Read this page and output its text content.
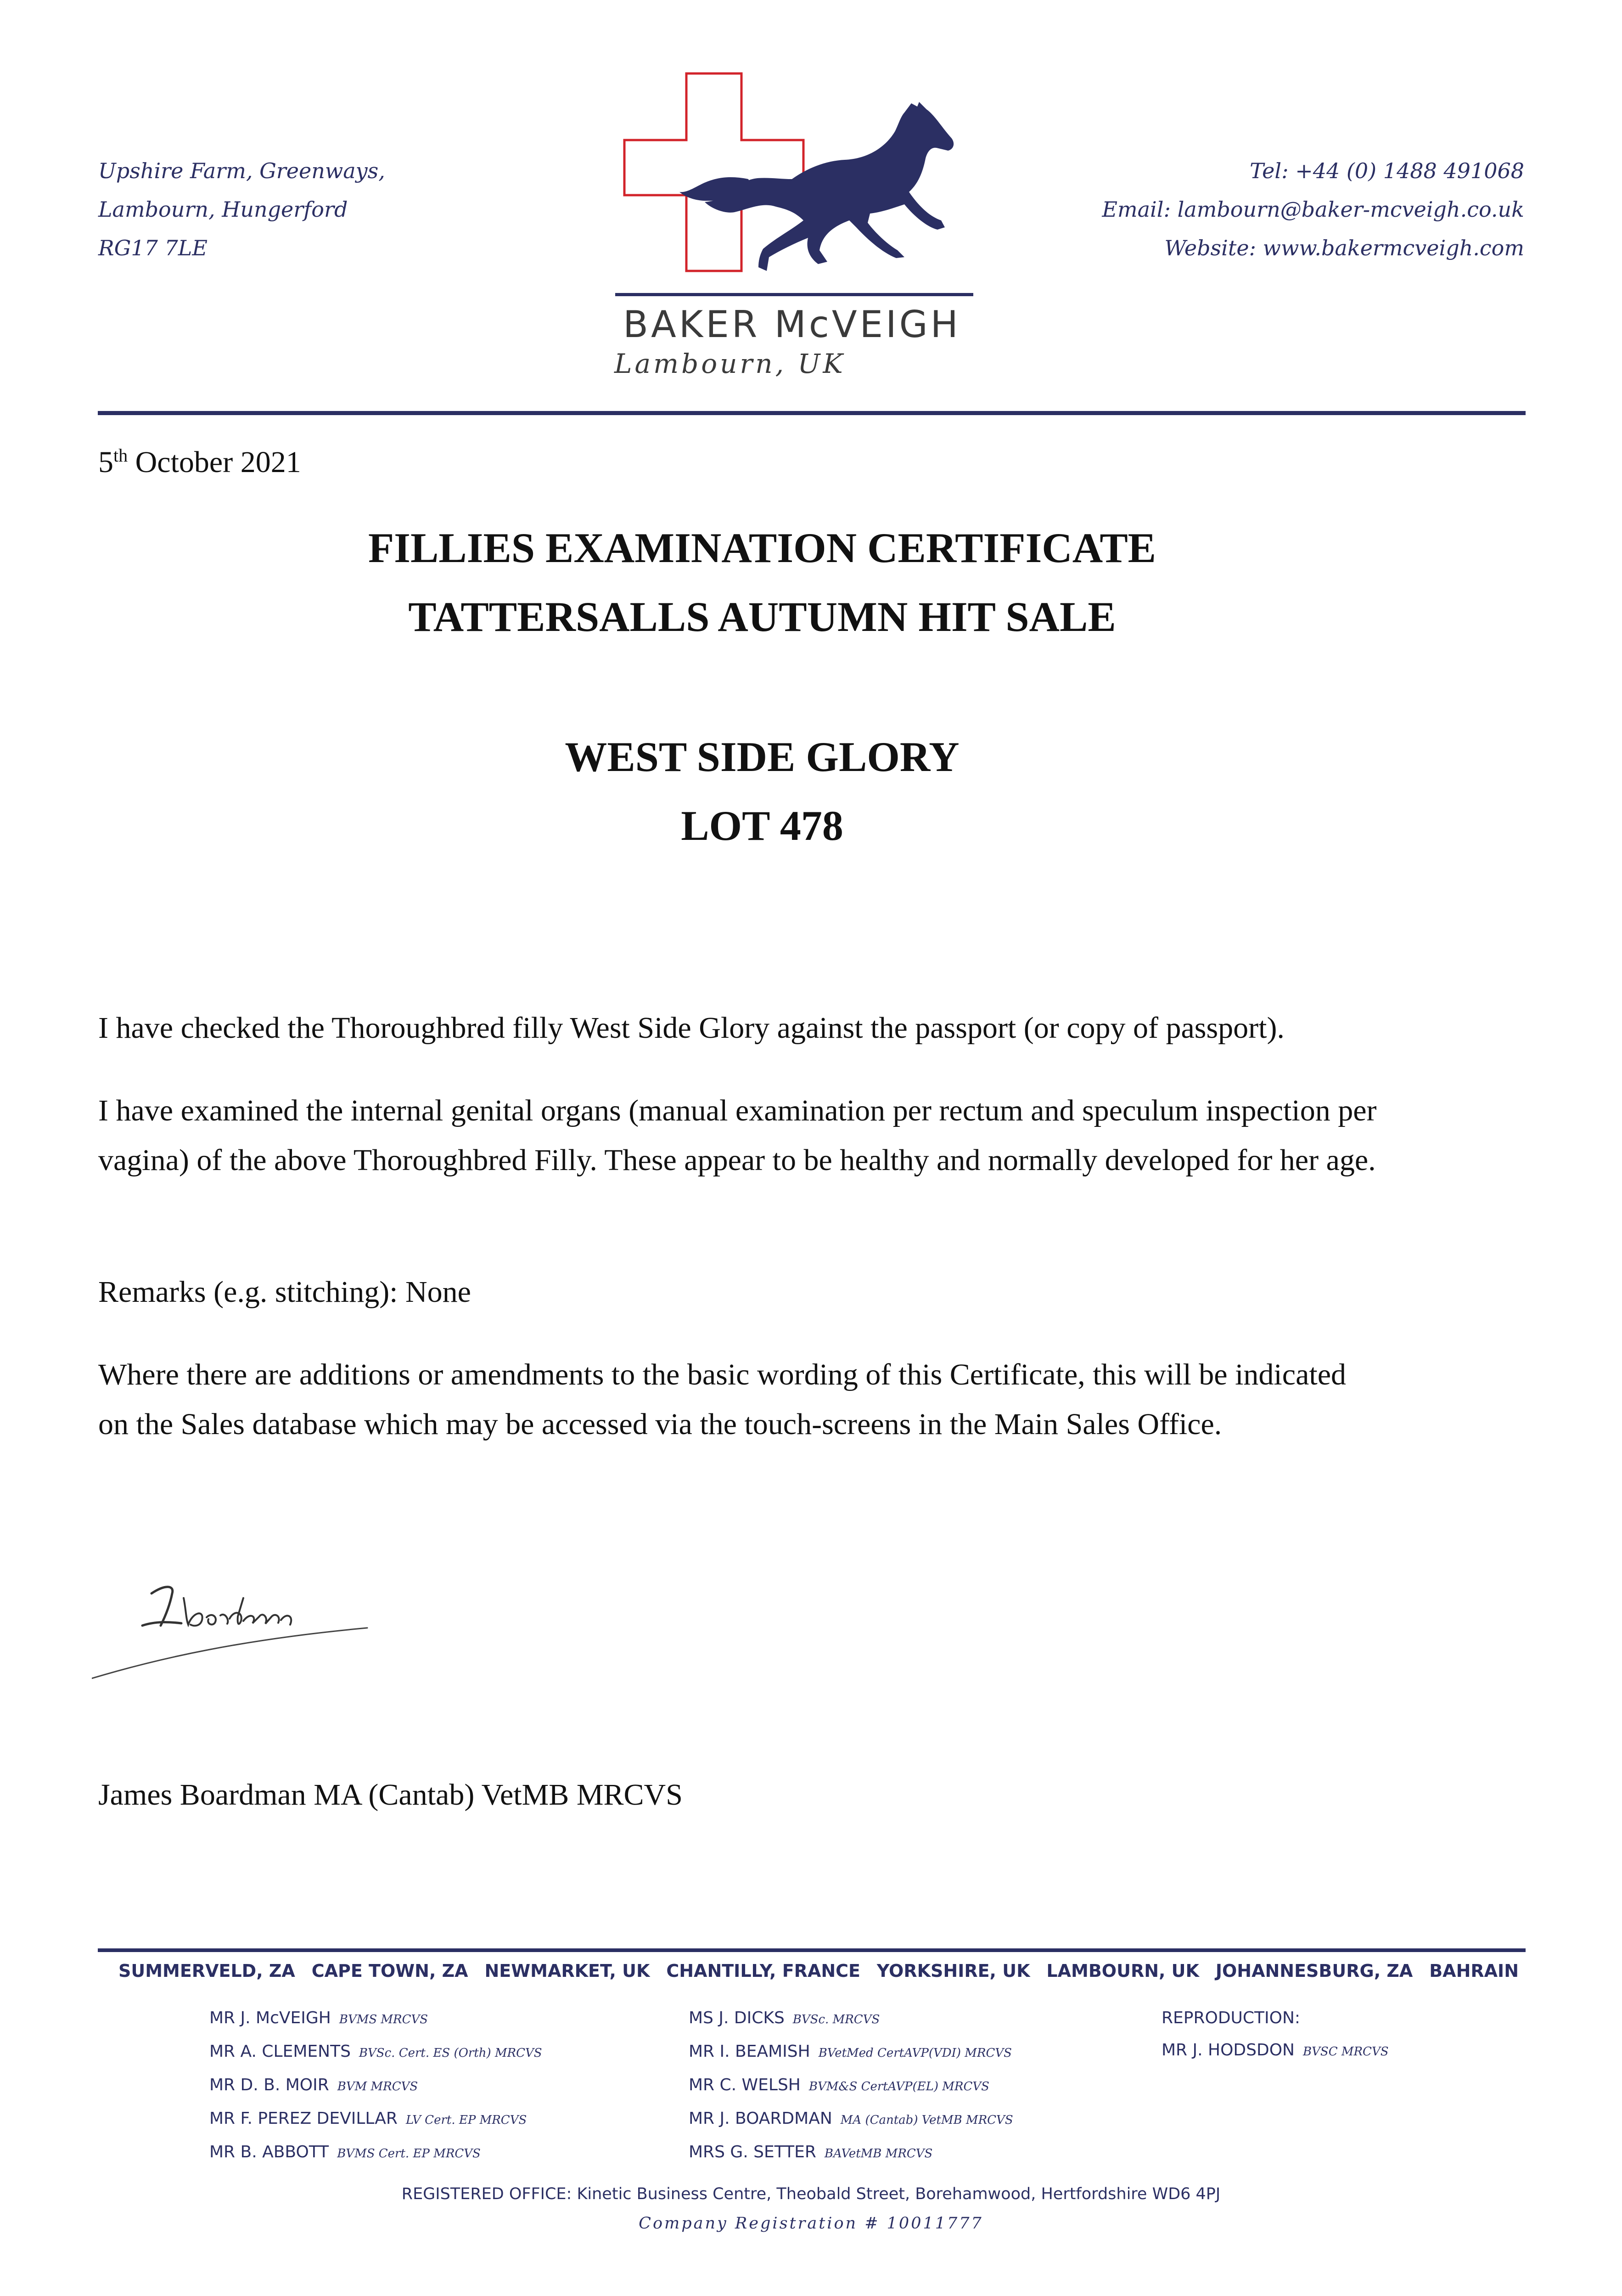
Upshire Farm, Greenways,
Lambourn, Hungerford
RG17 7LE
Tel: +44 (0) 1488 491068
Email: lambourn@baker-mcveigh.co.uk
Website: www.bakermcveigh.com
BAKER McVEIGH
Lambourn, UK
5th October 2021
FILLIES EXAMINATION CERTIFICATE
TATTERSALLS AUTUMN HIT SALE
WEST SIDE GLORY
LOT 478
I have checked the Thoroughbred filly West Side Glory against the passport (or copy of passport).
I have examined the internal genital organs (manual examination per rectum and speculum inspection per vagina) of the above Thoroughbred Filly. These appear to be healthy and normally developed for her age.
Remarks (e.g. stitching): None
Where there are additions or amendments to the basic wording of this Certificate, this will be indicated on the Sales database which may be accessed via the touch-screens in the Main Sales Office.
James Boardman MA (Cantab) VetMB MRCVS
SUMMERVELD, ZA CAPE TOWN, ZA NEWMARKET, UK CHANTILLY, FRANCE YORKSHIRE, UK LAMBOURN, UK JOHANNESBURG, ZA BAHRAIN
MR J. McVEIGH BVMS MRCVS
MR A. CLEMENTS BVSc. Cert. ES (Orth) MRCVS
MR D. B. MOIR BVM MRCVS
MR F. PEREZ DEVILLAR LV Cert. EP MRCVS
MR B. ABBOTT BVMS Cert. EP MRCVS
MS J. DICKS BVSc. MRCVS
MR I. BEAMISH BVetMed CertAVP(VDI) MRCVS
MR C. WELSH BVM&S CertAVP(EL) MRCVS
MR J. BOARDMAN MA (Cantab) VetMB MRCVS
MRS G. SETTER BAVetMB MRCVS
REPRODUCTION:
MR J. HODSDON BVSC MRCVS
REGISTERED OFFICE: Kinetic Business Centre, Theobald Street, Borehamwood, Hertfordshire WD6 4PJ
Company Registration # 10011777
